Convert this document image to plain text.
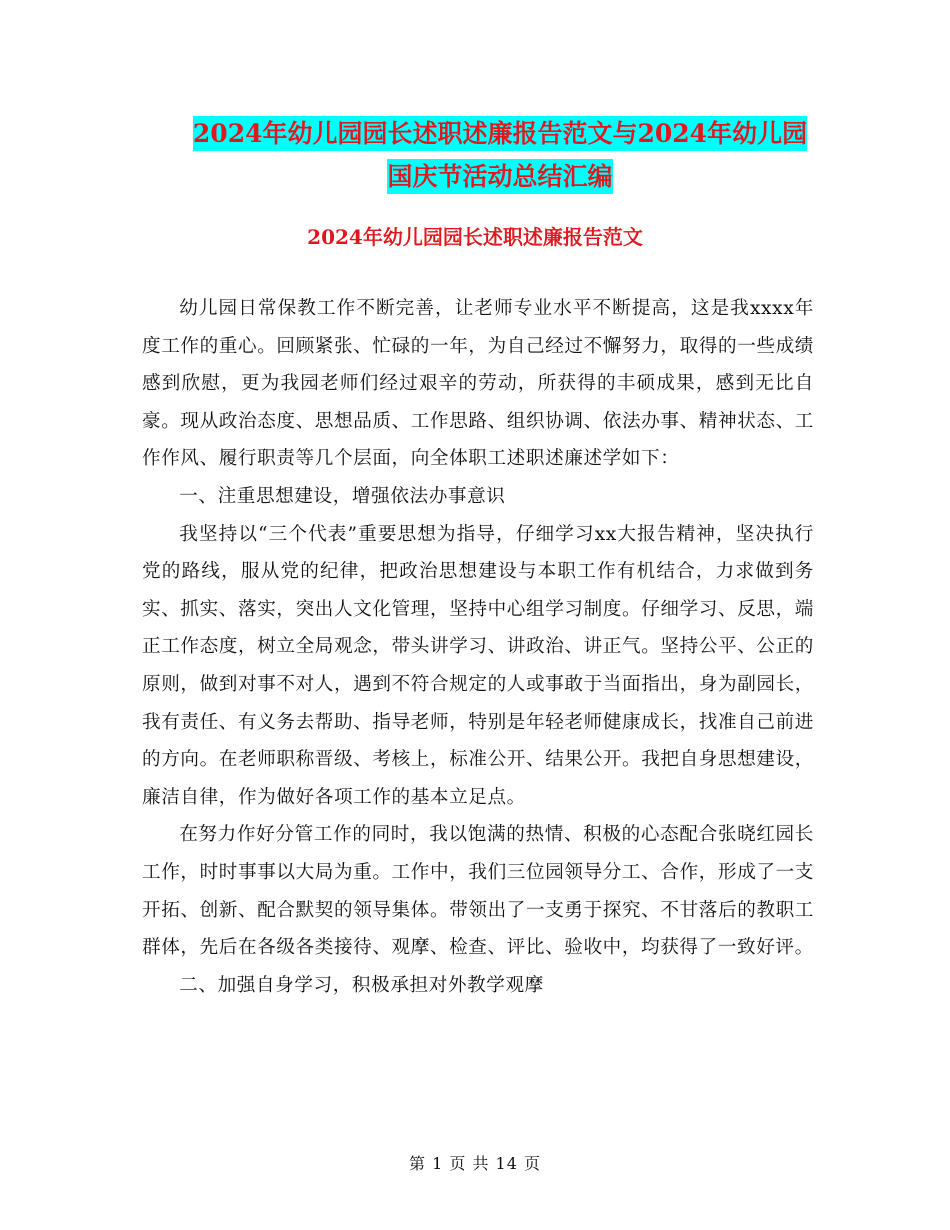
2024年幼儿园园长述职述廉报告范文与2024年幼儿园
国庆节活动总结汇编
2024年幼儿园园长述职述廉报告范文

幼儿园日常保教工作不断完善，让老师专业水平不断提高，这是我xxxx年度工作的重心。回顾紧张、忙碌的一年，为自己经过不懈努力，取得的一些成绩感到欣慰，更为我园老师们经过艰辛的劳动，所获得的丰硕成果，感到无比自豪。现从政治态度、思想品质、工作思路、组织协调、依法办事、精神状态、工作作风、履行职责等几个层面，向全体职工述职述廉述学如下：

一、注重思想建设，增强依法办事意识

我坚持以“三个代表”重要思想为指导，仔细学习xx大报告精神，坚决执行党的路线，服从党的纪律，把政治思想建设与本职工作有机结合，力求做到务实、抓实、落实，突出人文化管理，坚持中心组学习制度。仔细学习、反思，端正工作态度，树立全局观念，带头讲学习、讲政治、讲正气。坚持公平、公正的原则，做到对事不对人，遇到不符合规定的人或事敢于当面指出，身为副园长，我有责任、有义务去帮助、指导老师，特别是年轻老师健康成长，找准自己前进的方向。在老师职称晋级、考核上，标准公开、结果公开。我把自身思想建设，廉洁自律，作为做好各项工作的基本立足点。

在努力作好分管工作的同时，我以饱满的热情、积极的心态配合张晓红园长工作，时时事事以大局为重。工作中，我们三位园领导分工、合作，形成了一支开拓、创新、配合默契的领导集体。带领出了一支勇于探究、不甘落后的教职工群体，先后在各级各类接待、观摩、检查、评比、验收中，均获得了一致好评。

二、加强自身学习，积极承担对外教学观摩

第 1 页 共 14 页
